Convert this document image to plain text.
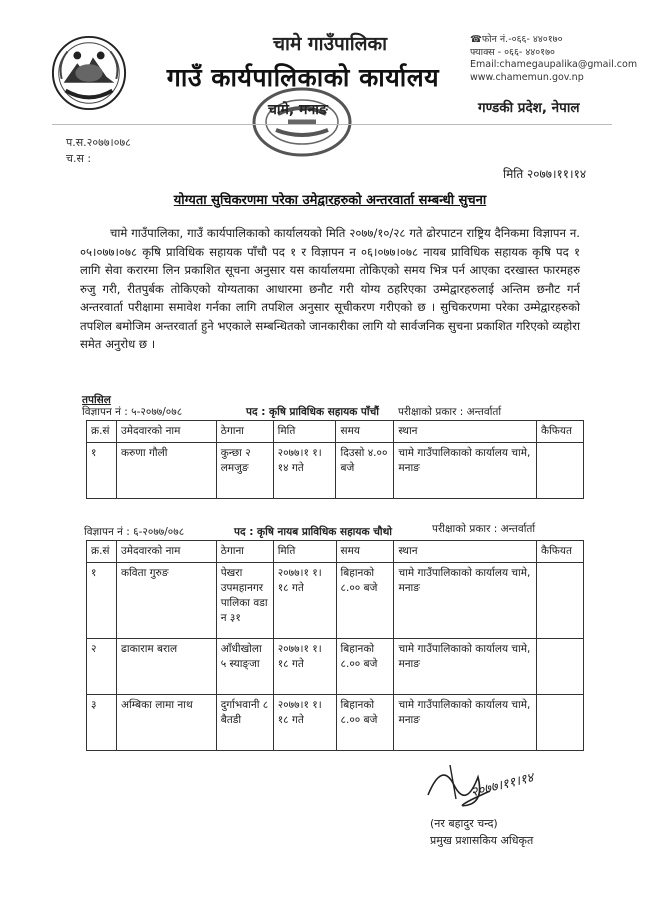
चामे गाउँपालिका
गाउँ कार्यपालिकाको कार्यालय
चामे, मनाङ
☎फोन नं.-०६६- ४४०१७०
फ्याक्स - ०६६- ४४०१७०
Email:chamegaupalika@gmail.com
www.chamemun.gov.np
गण्डकी प्रदेश, नेपाल
प.स.२०७७।०७८
च.स :
मिति २०७७।११।१४
योग्यता सुचिकरणमा परेका उमेद्वारहरुको अन्तरवार्ता सम्बन्धी सुचना
चामे गाउँपालिका, गाउँ कार्यपालिकाको कार्यालयको मिति २०७७/१०/२८ गते ढोरपाटन राष्ट्रिय दैनिकमा विज्ञापन न. ०५।०७७।०७८ कृषि प्राविधिक सहायक पाँचौ पद १ र विज्ञापन न ०६।०७७।०७८ नायब प्राविधिक सहायक कृषि पद १ लागि सेवा करारमा लिन प्रकाशित सूचना अनुसार यस कार्यालयमा तोकिएको समय भित्र पर्न आएका दरखास्त फारमहरु रुजु गरी, रीतपुर्बक तोकिएको योग्यताका आधारमा छनौट गरी योग्य ठहरिएका उम्मेद्वारहरुलाई अन्तिम छनौट गर्न अन्तरवार्ता परीक्षामा समावेश गर्नका लागि तपशिल अनुसार सूचीकरण गरीएको छ । सुचिकरणमा परेका उम्मेद्वारहरुको तपशिल बमोजिम अन्तरवार्ता हुने भएकाले सम्बन्धितको जानकारीका लागि यो सार्वजनिक सुचना प्रकाशित गरिएको व्यहोरा समेत अनुरोध छ ।
तपसिल
विज्ञापन नं : ५-२०७७/०७८	पद : कृषि प्राविधिक सहायक पाँचौं परीक्षाको प्रकार : अन्तर्वार्ता
क्र.सं	उमेदवारको नाम	ठेगाना	मिति	समय	स्थान	कैफियत
१	करुणा गौली	कुन्छा २ लमजुङ	२०७७।१ १।१४ गते	दिउसो ४.०० बजे	चामे गाउँपालिकाको कार्यालय चामे, मनाङ	
विज्ञापन नं : ६-२०७७/०७८	पद : कृषि नायब प्राविधिक सहायक चौथो	परीक्षाको प्रकार : अन्तर्वार्ता
क्र.सं	उमेदवारको नाम	ठेगाना	मिति	समय	स्थान	कैफियत
१	कविता गुरुङ	पेखरा उपमहानगर पालिका वडा न ३१	२०७७।१ १।१८ गते	बिहानको ८.०० बजे	चामे गाउँपालिकाको कार्यालय चामे, मनाङ	
२	ढाकाराम बराल	आँधीखोला ५ स्याङ्जा	२०७७।१ १।१८ गते	बिहानको ८.०० बजे	चामे गाउँपालिकाको कार्यालय चामे, मनाङ	
३	अम्बिका लामा नाथ	दुर्गाभवानी ८ बैतडी	२०७७।१ १।१८ गते	बिहानको ८.०० बजे	चामे गाउँपालिकाको कार्यालय चामे, मनाङ	
२०७७।११।१४
(नर बहादुर चन्द)
प्रमुख प्रशासकिय अधिकृत
